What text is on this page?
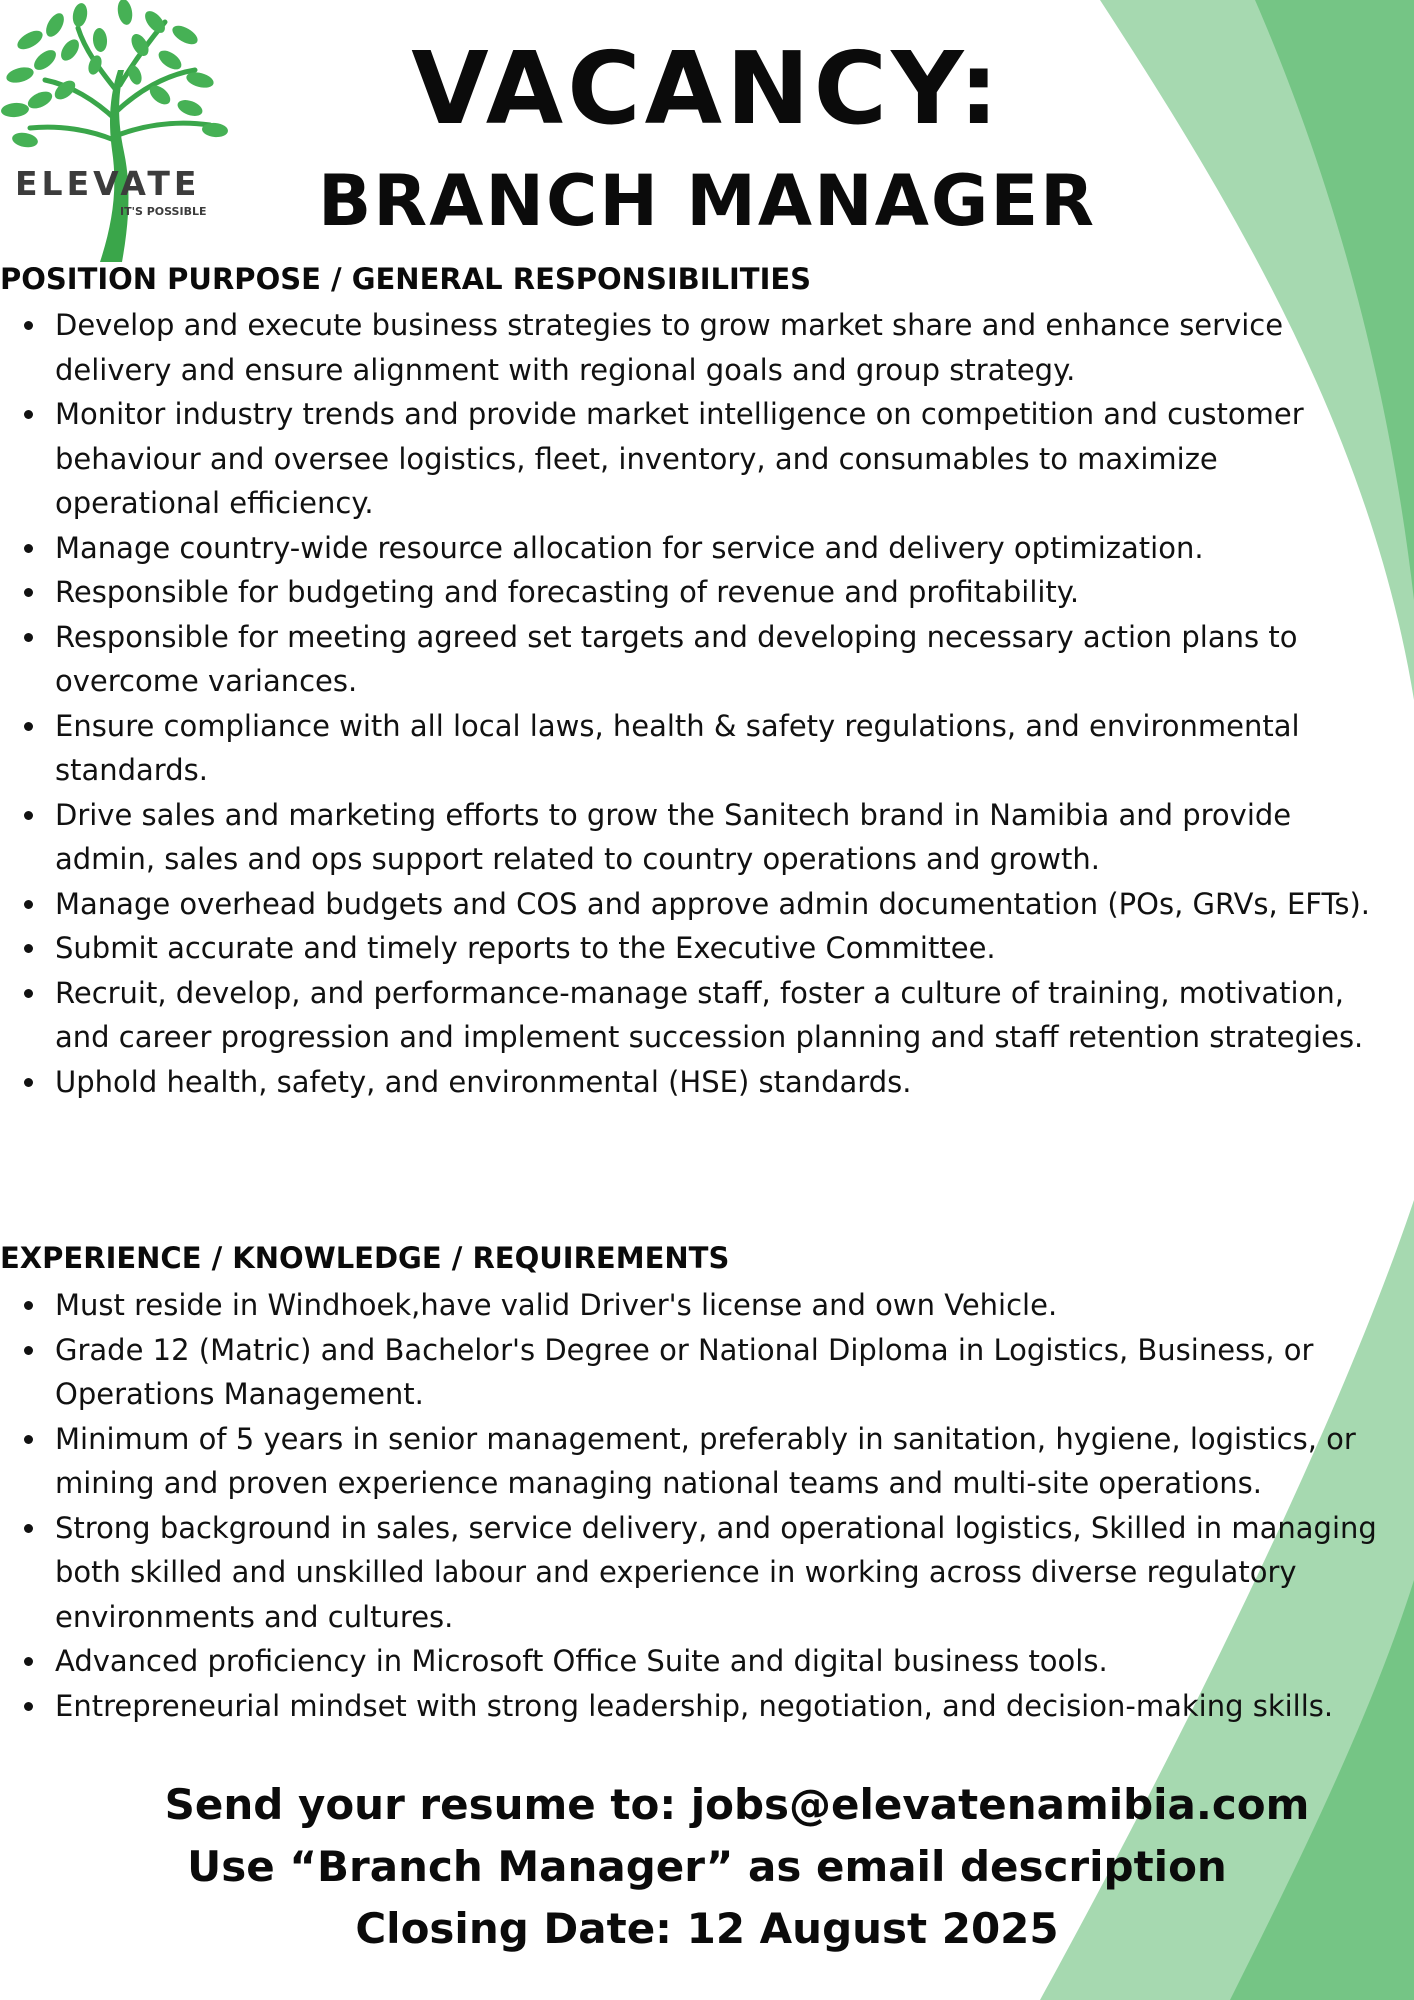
ELEVATE
IT'S POSSIBLE
VACANCY:
BRANCH MANAGER
POSITION PURPOSE / GENERAL RESPONSIBILITIES
Develop and execute business strategies to grow market share and enhance service delivery and ensure alignment with regional goals and group strategy.
Monitor industry trends and provide market intelligence on competition and customer behaviour and oversee logistics, fleet, inventory, and consumables to maximize operational efficiency.
Manage country-wide resource allocation for service and delivery optimization.
Responsible for budgeting and forecasting of revenue and profitability.
Responsible for meeting agreed set targets and developing necessary action plans to overcome variances.
Ensure compliance with all local laws, health & safety regulations, and environmental standards.
Drive sales and marketing efforts to grow the Sanitech brand in Namibia and provide admin, sales and ops support related to country operations and growth.
Manage overhead budgets and COS and approve admin documentation (POs, GRVs, EFTs).
Submit accurate and timely reports to the Executive Committee.
Recruit, develop, and performance-manage staff, foster a culture of training, motivation, and career progression and implement succession planning and staff retention strategies.
Uphold health, safety, and environmental (HSE) standards.
EXPERIENCE / KNOWLEDGE / REQUIREMENTS
Must reside in Windhoek,have valid Driver's license and own Vehicle.
Grade 12 (Matric) and Bachelor's Degree or National Diploma in Logistics, Business, or Operations Management.
Minimum of 5 years in senior management, preferably in sanitation, hygiene, logistics, or mining and proven experience managing national teams and multi-site operations.
Strong background in sales, service delivery, and operational logistics, Skilled in managing both skilled and unskilled labour and experience in working across diverse regulatory environments and cultures.
Advanced proficiency in Microsoft Office Suite and digital business tools.
Entrepreneurial mindset with strong leadership, negotiation, and decision-making skills.

Send your resume to: jobs@elevatenamibia.com

Use “Branch Manager” as email description

Closing Date: 12 August 2025
